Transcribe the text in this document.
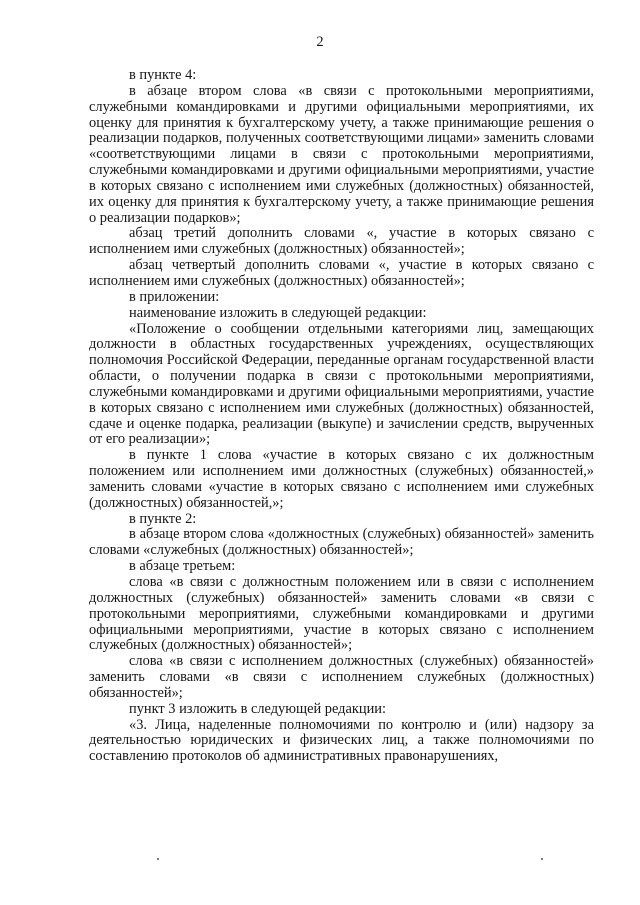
2

в пункте 4:

в абзаце втором слова «в связи с протокольными мероприятиями, служебными командировками и другими официальными мероприятиями, их оценку для принятия к бухгалтерскому учету, а также принимающие решения о реализации подарков, полученных соответствующими лицами» заменить словами «соответствующими лицами в связи с протокольными мероприятиями, служебными командировками и другими официальными мероприятиями, участие в которых связано с исполнением ими служебных (должностных) обязанностей, их оценку для принятия к бухгалтерскому учету, а также принимающие решения о реализации подарков»;

абзац третий дополнить словами «, участие в которых связано с исполнением ими служебных (должностных) обязанностей»;

абзац четвертый дополнить словами «, участие в которых связано с исполнением ими служебных (должностных) обязанностей»;

в приложении:

наименование изложить в следующей редакции:

«Положение о сообщении отдельными категориями лиц, замещающих должности в областных государственных учреждениях, осуществляющих полномочия Российской Федерации, переданные органам государственной власти области, о получении подарка в связи с протокольными мероприятиями, служебными командировками и другими официальными мероприятиями, участие в которых связано с исполнением ими служебных (должностных) обязанностей, сдаче и оценке подарка, реализации (выкупе) и зачислении средств, вырученных от его реализации»;

в пункте 1 слова «участие в которых связано с их должностным положением или исполнением ими должностных (служебных) обязанностей,» заменить словами «участие в которых связано с исполнением ими служебных (должностных) обязанностей,»;

в пункте 2:

в абзаце втором слова «должностных (служебных) обязанностей» заменить словами «служебных (должностных) обязанностей»;

в абзаце третьем:

слова «в связи с должностным положением или в связи с исполнением должностных (служебных) обязанностей» заменить словами «в связи с протокольными мероприятиями, служебными командировками и другими официальными мероприятиями, участие в которых связано с исполнением служебных (должностных) обязанностей»;

слова «в связи с исполнением должностных (служебных) обязанностей» заменить словами «в связи с исполнением служебных (должностных) обязанностей»;

пункт 3 изложить в следующей редакции:

«3. Лица, наделенные полномочиями по контролю и (или) надзору за деятельностью юридических и физических лиц, а также полномочиями по составлению протоколов об административных правонарушениях,
